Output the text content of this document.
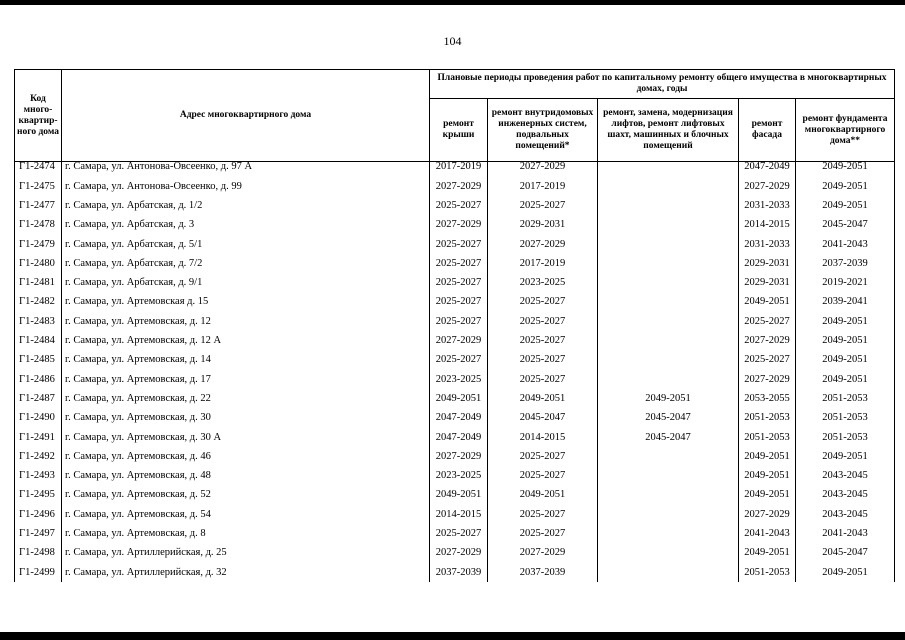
104
Код много-квартир-ного дома	Адрес многоквартирного дома	Плановые периоды проведения работ по капитальному ремонту общего имущества в многоквартирных домах, годы				
		ремонт крыши	ремонт внутридомовых инженерных систем, подвальных помещений*	ремонт, замена, модернизация лифтов, ремонт лифтовых шахт, машинных и блочных помещений	ремонт фасада	ремонт фундамента многоквартирного дома**
Г1-2474	г. Самара, ул. Антонова-Овсеенко, д. 97 А	2017-2019	2027-2029		2047-2049	2049-2051
Г1-2475	г. Самара, ул. Антонова-Овсеенко, д. 99	2027-2029	2017-2019		2027-2029	2049-2051
Г1-2477	г. Самара, ул. Арбатская, д. 1/2	2025-2027	2025-2027		2031-2033	2049-2051
Г1-2478	г. Самара, ул. Арбатская, д. 3	2027-2029	2029-2031		2014-2015	2045-2047
Г1-2479	г. Самара, ул. Арбатская, д. 5/1	2025-2027	2027-2029		2031-2033	2041-2043
Г1-2480	г. Самара, ул. Арбатская, д. 7/2	2025-2027	2017-2019		2029-2031	2037-2039
Г1-2481	г. Самара, ул. Арбатская, д. 9/1	2025-2027	2023-2025		2029-2031	2019-2021
Г1-2482	г. Самара, ул. Артемовская д. 15	2025-2027	2025-2027		2049-2051	2039-2041
Г1-2483	г. Самара, ул. Артемовская, д. 12	2025-2027	2025-2027		2025-2027	2049-2051
Г1-2484	г. Самара, ул. Артемовская, д. 12 А	2027-2029	2025-2027		2027-2029	2049-2051
Г1-2485	г. Самара, ул. Артемовская, д. 14	2025-2027	2025-2027		2025-2027	2049-2051
Г1-2486	г. Самара, ул. Артемовская, д. 17	2023-2025	2025-2027		2027-2029	2049-2051
Г1-2487	г. Самара, ул. Артемовская, д. 22	2049-2051	2049-2051	2049-2051	2053-2055	2051-2053
Г1-2490	г. Самара, ул. Артемовская, д. 30	2047-2049	2045-2047	2045-2047	2051-2053	2051-2053
Г1-2491	г. Самара, ул. Артемовская, д. 30 А	2047-2049	2014-2015	2045-2047	2051-2053	2051-2053
Г1-2492	г. Самара, ул. Артемовская, д. 46	2027-2029	2025-2027		2049-2051	2049-2051
Г1-2493	г. Самара, ул. Артемовская, д. 48	2023-2025	2025-2027		2049-2051	2043-2045
Г1-2495	г. Самара, ул. Артемовская, д. 52	2049-2051	2049-2051		2049-2051	2043-2045
Г1-2496	г. Самара, ул. Артемовская, д. 54	2014-2015	2025-2027		2027-2029	2043-2045
Г1-2497	г. Самара, ул. Артемовская, д. 8	2025-2027	2025-2027		2041-2043	2041-2043
Г1-2498	г. Самара, ул. Артиллерийская, д. 25	2027-2029	2027-2029		2049-2051	2045-2047
Г1-2499	г. Самара, ул. Артиллерийская, д. 32	2037-2039	2037-2039		2051-2053	2049-2051
